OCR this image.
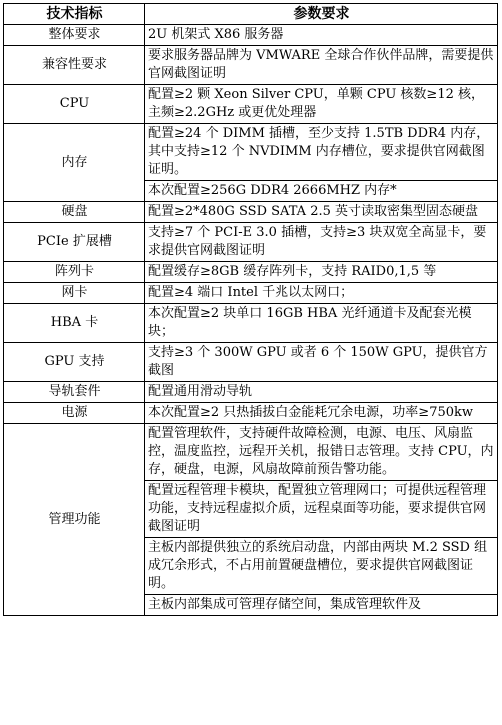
技术指标	参数要求
整体要求	2U 机架式 X86 服务器
兼容性要求	要求服务器品牌为 VMWARE 全球合作伙伴品牌，需要提供官网截图证明
CPU	配置≥2 颗 Xeon Silver CPU，单颗 CPU 核数≥12 核，主频≥2.2GHz 或更优处理器
内存	配置≥24 个 DIMM 插槽，至少支持 1.5TB DDR4 内存，其中支持≥12 个 NVDIMM 内存槽位，要求提供官网截图证明。
	本次配置≥256G DDR4 2666MHZ 内存*
硬盘	配置≥2*480G SSD SATA 2.5 英寸读取密集型固态硬盘
PCIe 扩展槽	支持≥7 个 PCI-E 3.0 插槽，支持≥3 块双宽全高显卡，要求提供官网截图证明
阵列卡	配置缓存≥8GB 缓存阵列卡，支持 RAID0,1,5 等
网卡	配置≥4 端口 Intel 千兆以太网口；
HBA 卡	本次配置≥2 块单口 16GB HBA 光纤通道卡及配套光模块；
GPU 支持	支持≥3 个 300W GPU 或者 6 个 150W GPU，提供官方截图
导轨套件	配置通用滑动导轨
电源	本次配置≥2 只热插拔白金能耗冗余电源，功率≥750kw
管理功能	配置管理软件，支持硬件故障检测，电源、电压、风扇监控，温度监控，远程开关机，报错日志管理。支持 CPU，内存，硬盘，电源，风扇故障前预告警功能。
	配置远程管理卡模块，配置独立管理网口；可提供远程管理功能，支持远程虚拟介质，远程桌面等功能，要求提供官网截图证明
	主板内部提供独立的系统启动盘，内部由两块 M.2 SSD 组成冗余形式，不占用前置硬盘槽位，要求提供官网截图证明。
	主板内部集成可管理存储空间，集成管理软件及
